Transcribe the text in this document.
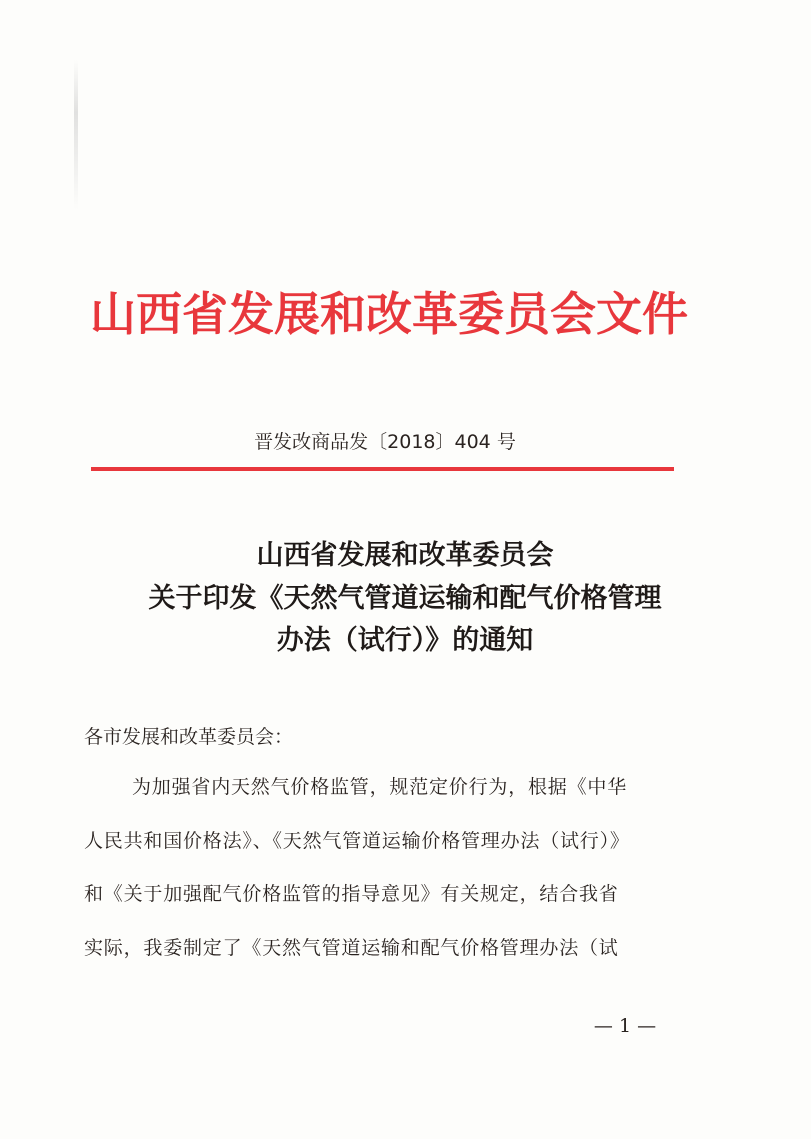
山西省发展和改革委员会文件
晋发改商品发〔2018〕404 号
山西省发展和改革委员会
关于印发《天然气管道运输和配气价格管理
办法（试行）》的通知
各市发展和改革委员会：
为加强省内天然气价格监管，规范定价行为，根据《中华
人民共和国价格法》、《天然气管道运输价格管理办法（试行）》
和《关于加强配气价格监管的指导意见》有关规定，结合我省
实际，我委制定了《天然气管道运输和配气价格管理办法（试
— 1 —
